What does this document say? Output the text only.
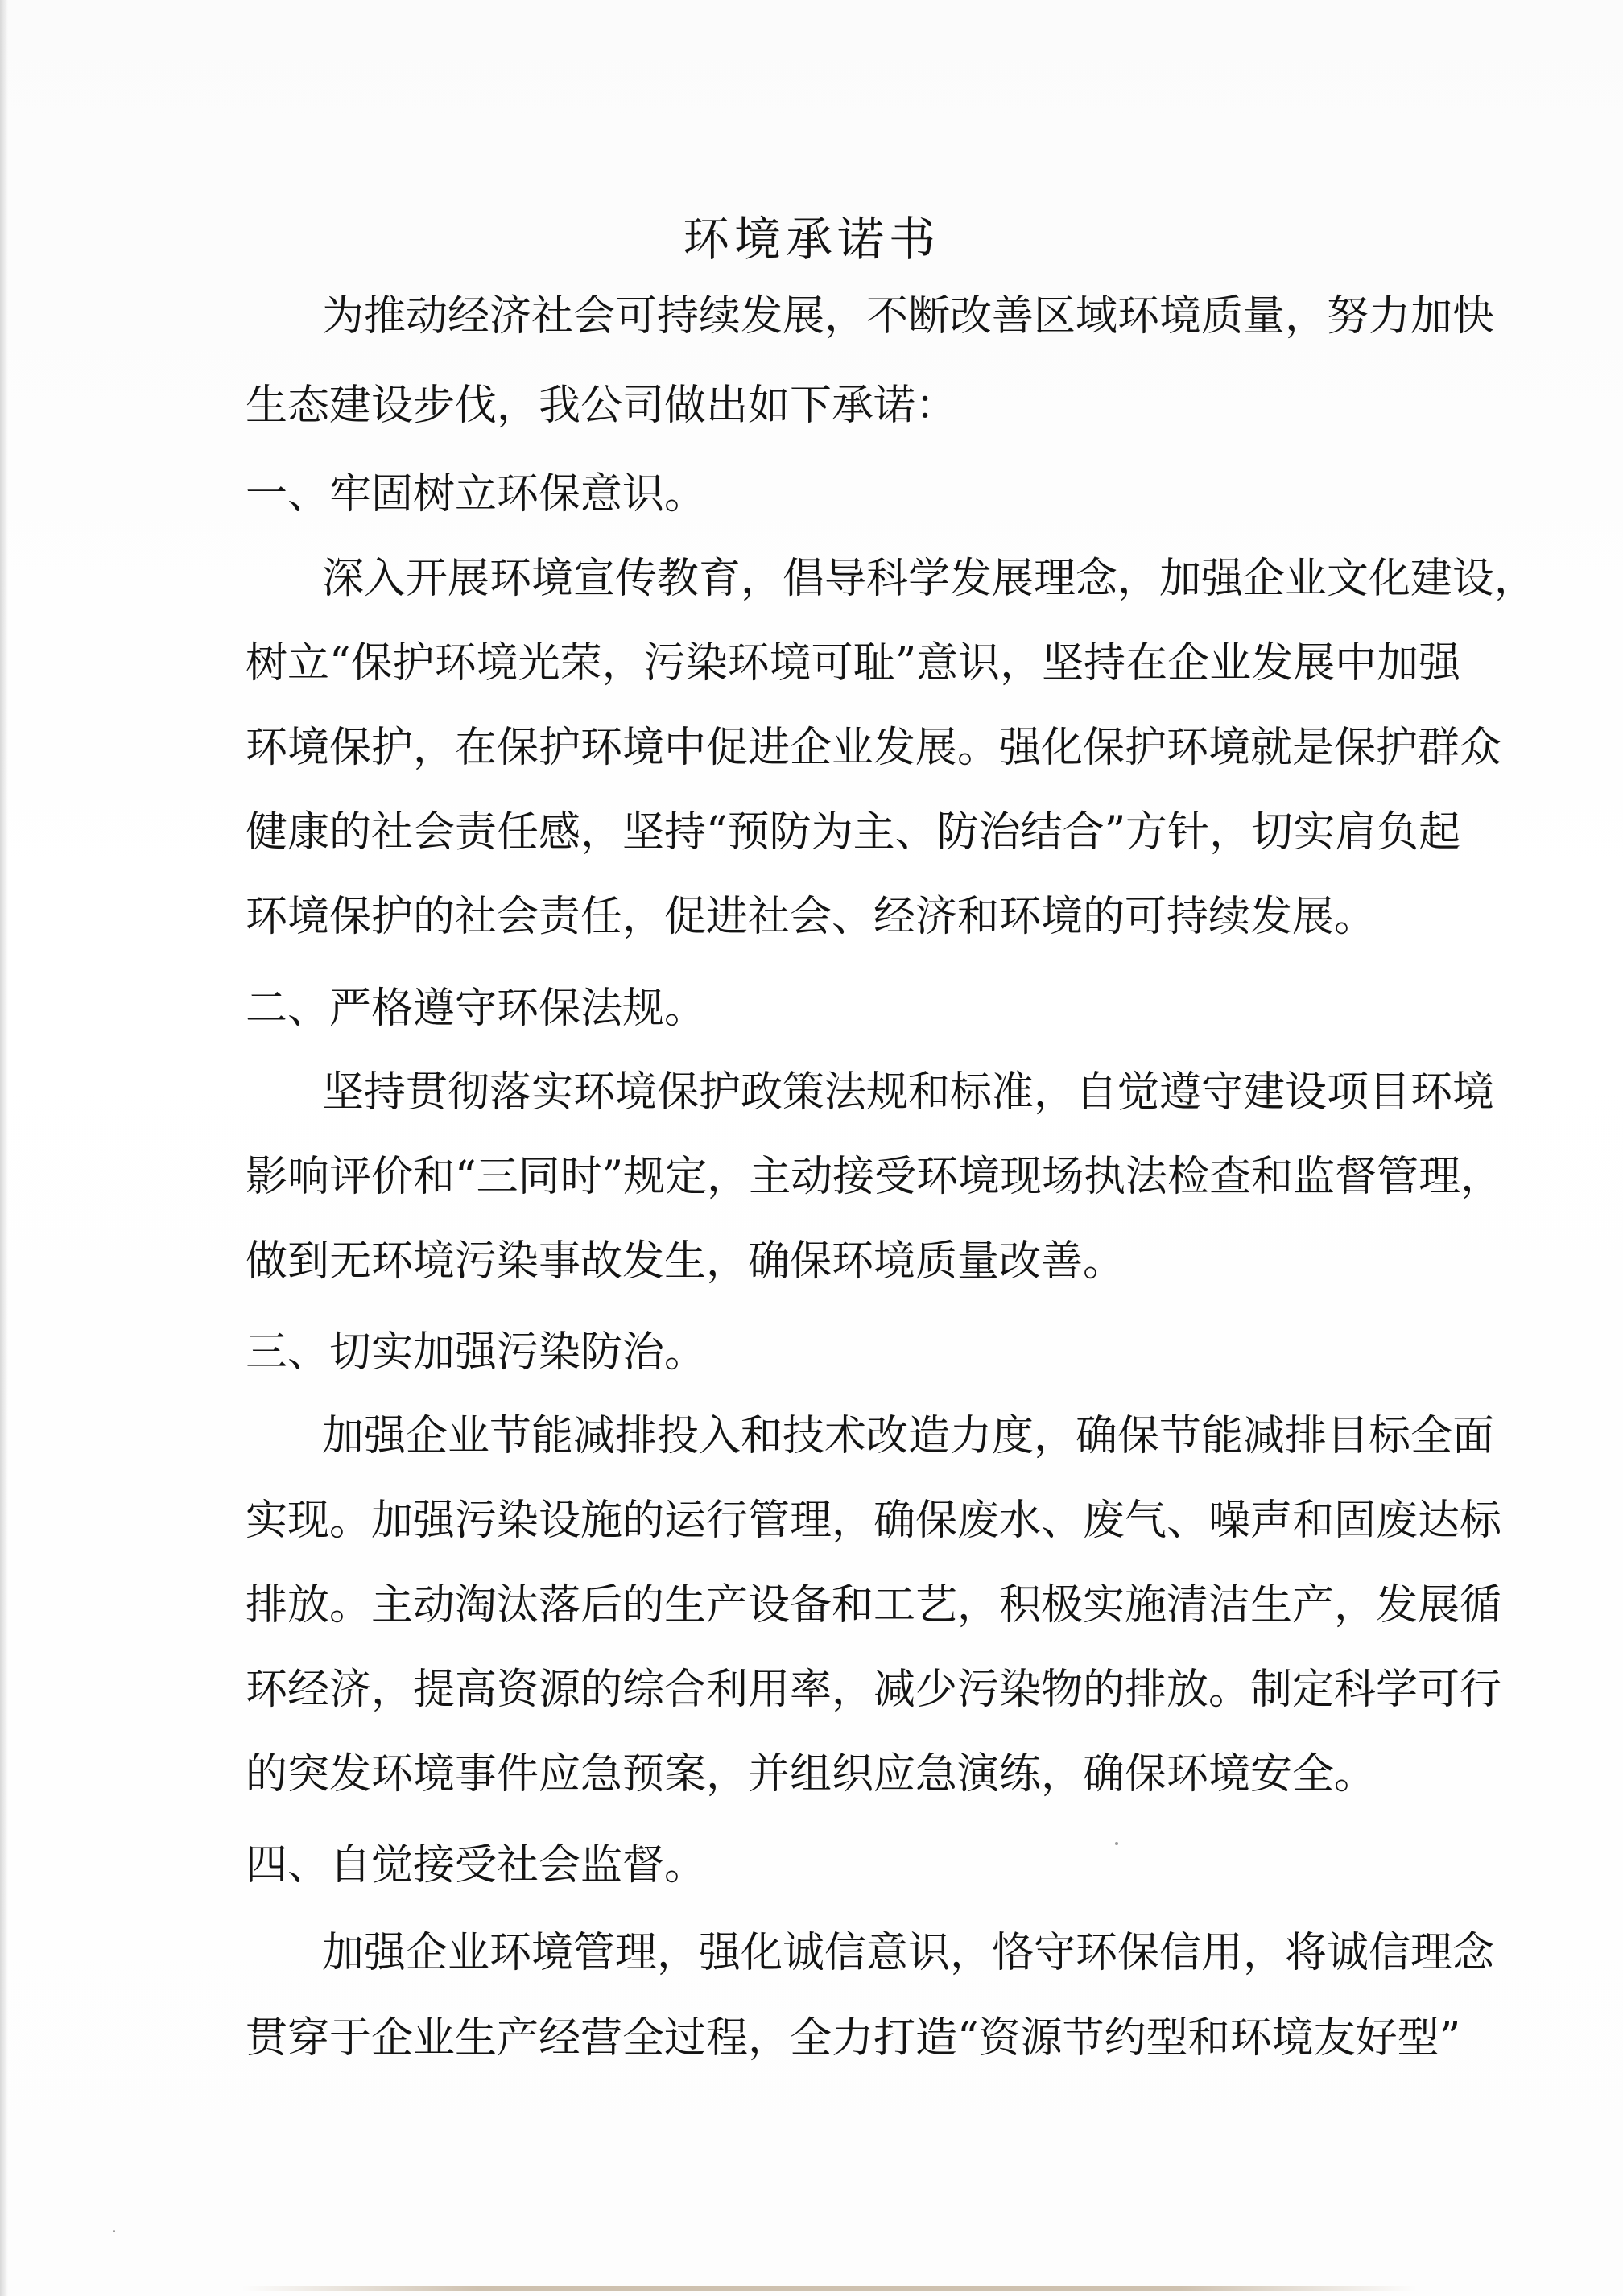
环境承诺书
为推动经济社会可持续发展，不断改善区域环境质量，努力加快
生态建设步伐，我公司做出如下承诺：
一、牢固树立环保意识。
深入开展环境宣传教育，倡导科学发展理念，加强企业文化建设，
树立“保护环境光荣，污染环境可耻”意识，坚持在企业发展中加强
环境保护，在保护环境中促进企业发展。强化保护环境就是保护群众
健康的社会责任感，坚持“预防为主、防治结合”方针，切实肩负起
环境保护的社会责任，促进社会、经济和环境的可持续发展。
二、严格遵守环保法规。
坚持贯彻落实环境保护政策法规和标准，自觉遵守建设项目环境
影响评价和“三同时”规定，主动接受环境现场执法检查和监督管理，
做到无环境污染事故发生，确保环境质量改善。
三、切实加强污染防治。
加强企业节能减排投入和技术改造力度，确保节能减排目标全面
实现。加强污染设施的运行管理，确保废水、废气、噪声和固废达标
排放。主动淘汰落后的生产设备和工艺，积极实施清洁生产，发展循
环经济，提高资源的综合利用率，减少污染物的排放。制定科学可行
的突发环境事件应急预案，并组织应急演练，确保环境安全。
四、自觉接受社会监督。
加强企业环境管理，强化诚信意识，恪守环保信用，将诚信理念
贯穿于企业生产经营全过程，全力打造“资源节约型和环境友好型”
